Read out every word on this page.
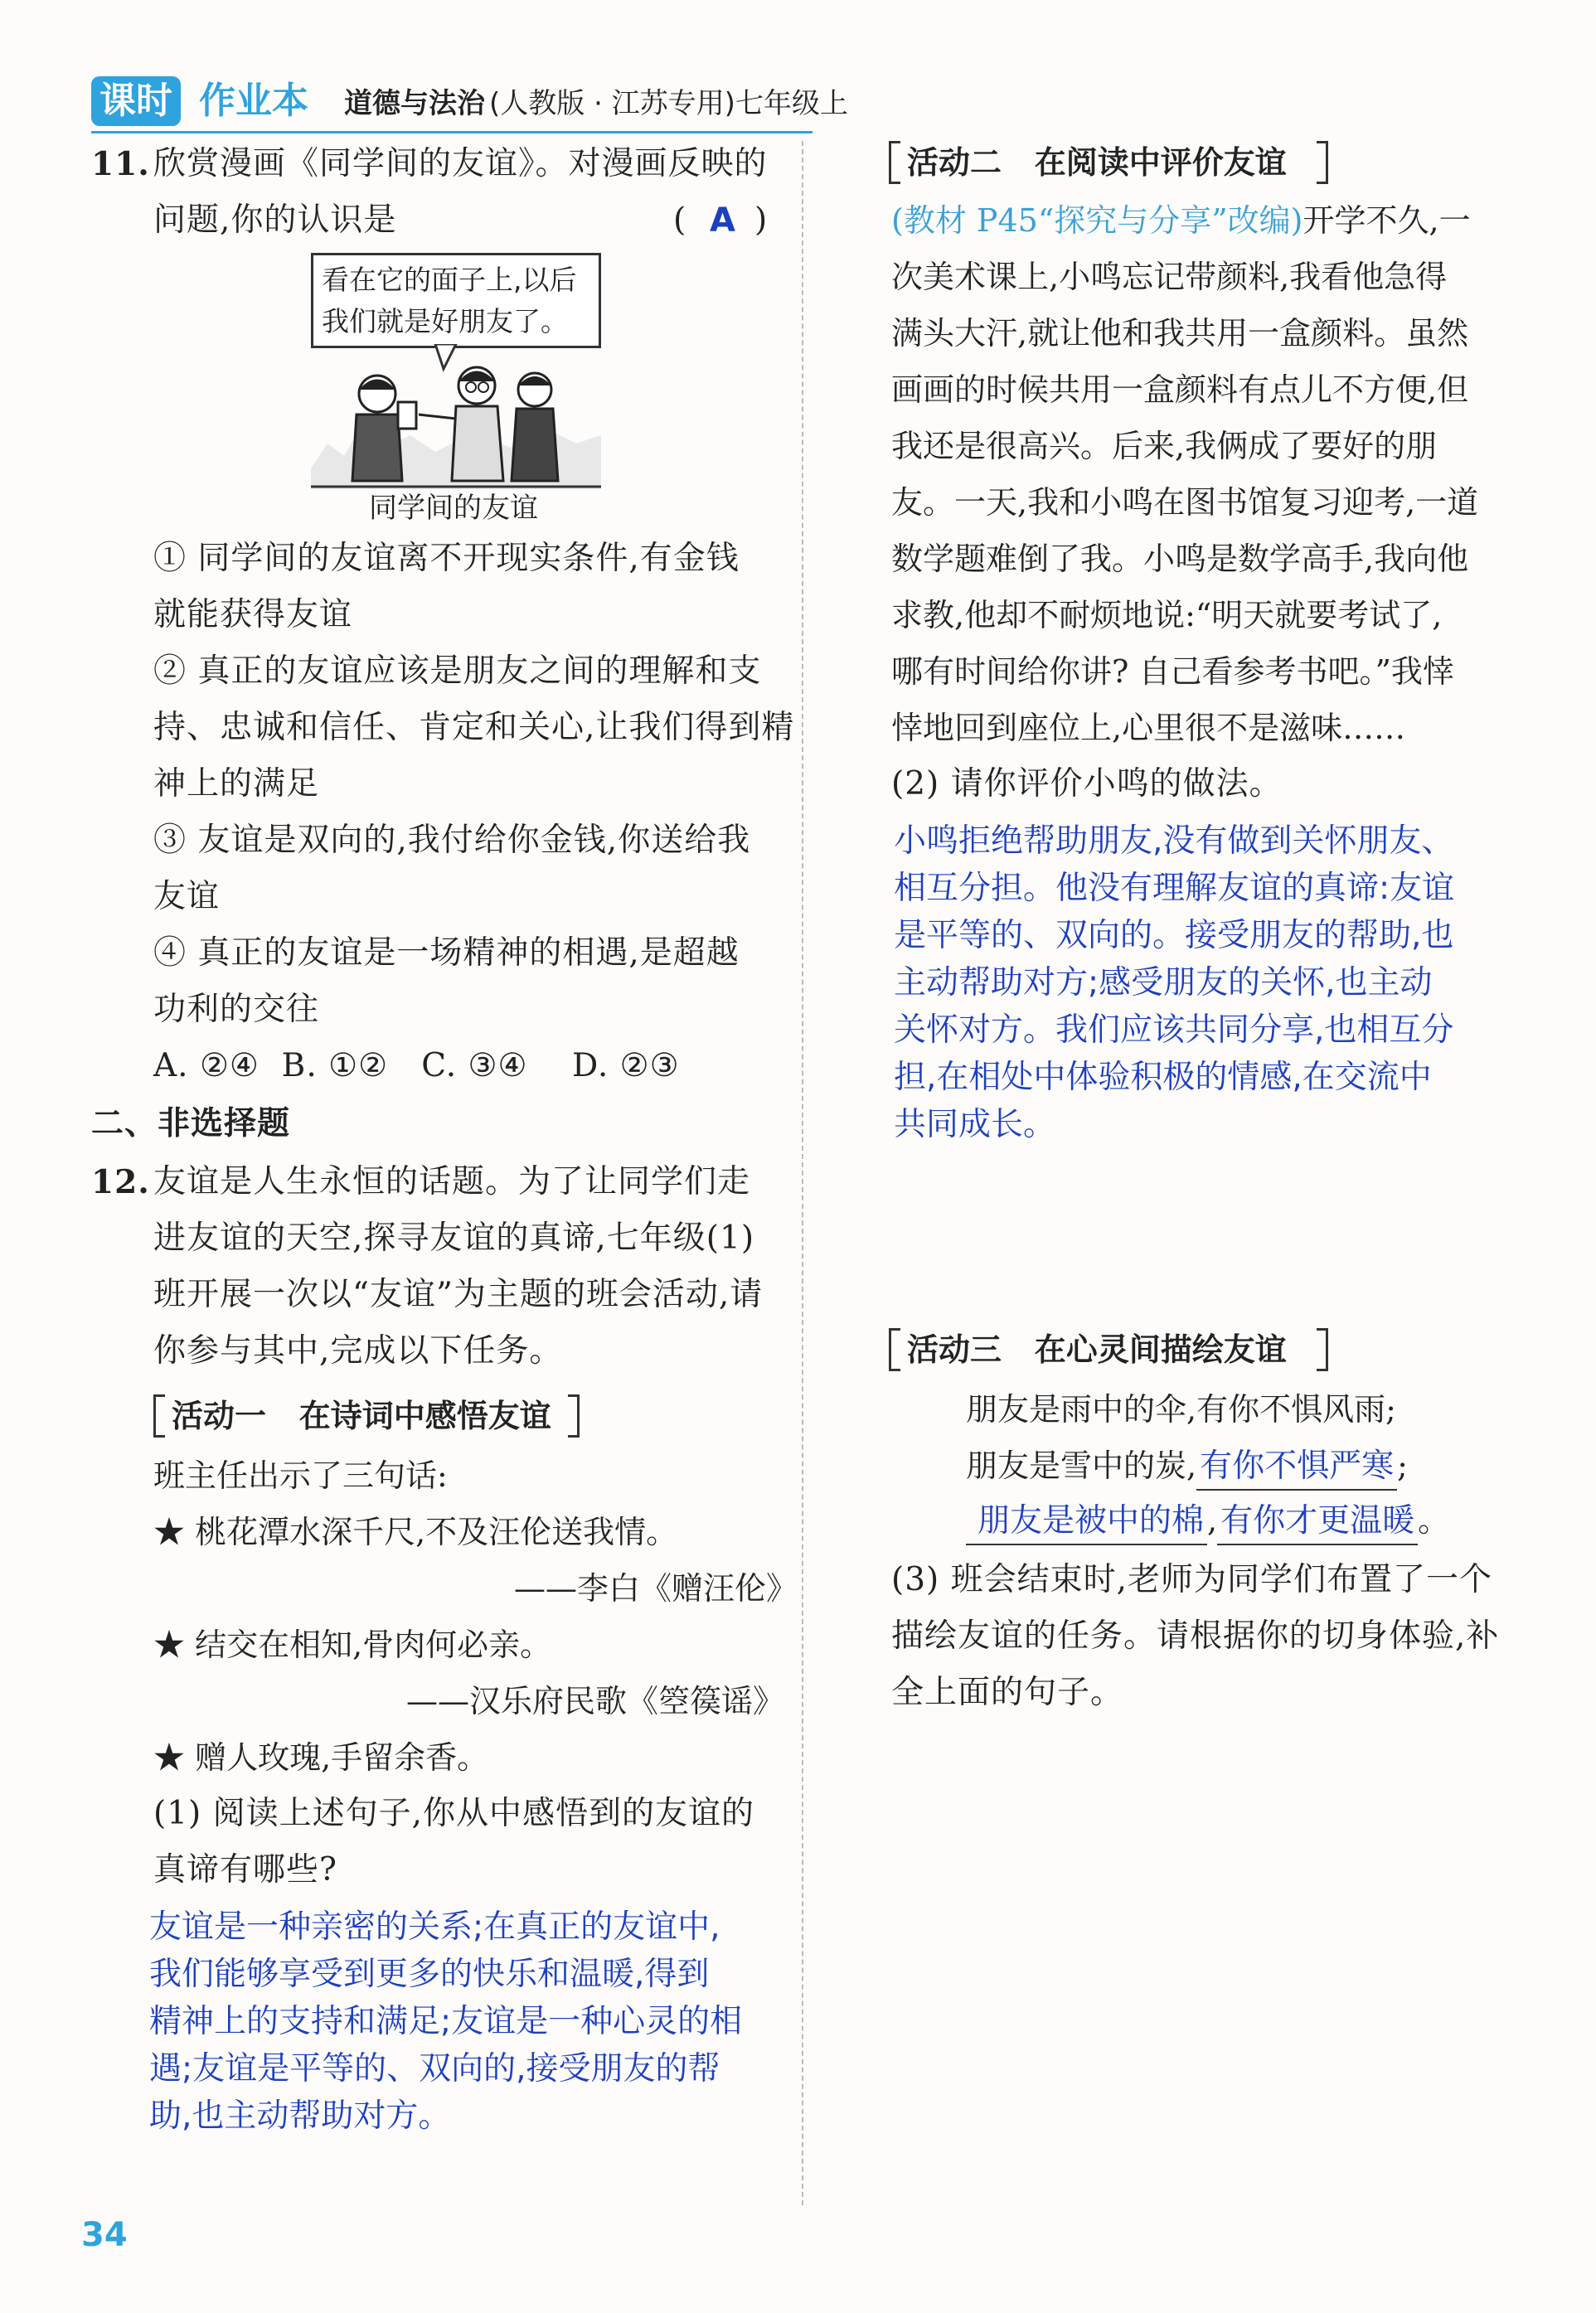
课时 作业本 道德与法治 (人教版 · 江苏专用)七年级上
11. 欣赏漫画《同学间的友谊》。对漫画反映的
问题,你的认识是	( A )
看在它的面子上,以后
我们就是好朋友了。
同学间的友谊
① 同学间的友谊离不开现实条件,有金钱
就能获得友谊
② 真正的友谊应该是朋友之间的理解和支
持、忠诚和信任、肯定和关心,让我们得到精
神上的满足
③ 友谊是双向的,我付给你金钱,你送给我
友谊
④ 真正的友谊是一场精神的相遇,是超越
功利的交往
A. ②④  B. ①②   C. ③④    D. ②③
二、非选择题
12. 友谊是人生永恒的话题。为了让同学们走
进友谊的天空,探寻友谊的真谛,七年级(1)
班开展一次以“友谊”为主题的班会活动,请
你参与其中,完成以下任务。
活动一   在诗词中感悟友谊
班主任出示了三句话:
★ 桃花潭水深千尺,不及汪伦送我情。
——李白《赠汪伦》
★ 结交在相知,骨肉何必亲。
——汉乐府民歌《箜篌谣》
★ 赠人玫瑰,手留余香。
(1) 阅读上述句子,你从中感悟到的友谊的
真谛有哪些?
友谊是一种亲密的关系;在真正的友谊中,
我们能够享受到更多的快乐和温暖,得到
精神上的支持和满足;友谊是一种心灵的相
遇;友谊是平等的、双向的,接受朋友的帮
助,也主动帮助对方。
活动二   在阅读中评价友谊
(教材 P45“探究与分享”改编)开学不久,一
次美术课上,小鸣忘记带颜料,我看他急得
满头大汗,就让他和我共用一盒颜料。虽然
画画的时候共用一盒颜料有点儿不方便,但
我还是很高兴。后来,我俩成了要好的朋
友。一天,我和小鸣在图书馆复习迎考,一道
数学题难倒了我。小鸣是数学高手,我向他
求教,他却不耐烦地说:“明天就要考试了,
哪有时间给你讲? 自己看参考书吧。”我悻
悻地回到座位上,心里很不是滋味……
(2) 请你评价小鸣的做法。
小鸣拒绝帮助朋友,没有做到关怀朋友、
相互分担。他没有理解友谊的真谛:友谊
是平等的、双向的。接受朋友的帮助,也
主动帮助对方;感受朋友的关怀,也主动
关怀对方。我们应该共同分享,也相互分
担,在相处中体验积极的情感,在交流中
共同成长。
活动三   在心灵间描绘友谊
朋友是雨中的伞,有你不惧风雨;
朋友是雪中的炭, 有你不惧严寒 ;
朋友是被中的棉 , 有你才更温暖 。
(3) 班会结束时,老师为同学们布置了一个
描绘友谊的任务。请根据你的切身体验,补
全上面的句子。
34
